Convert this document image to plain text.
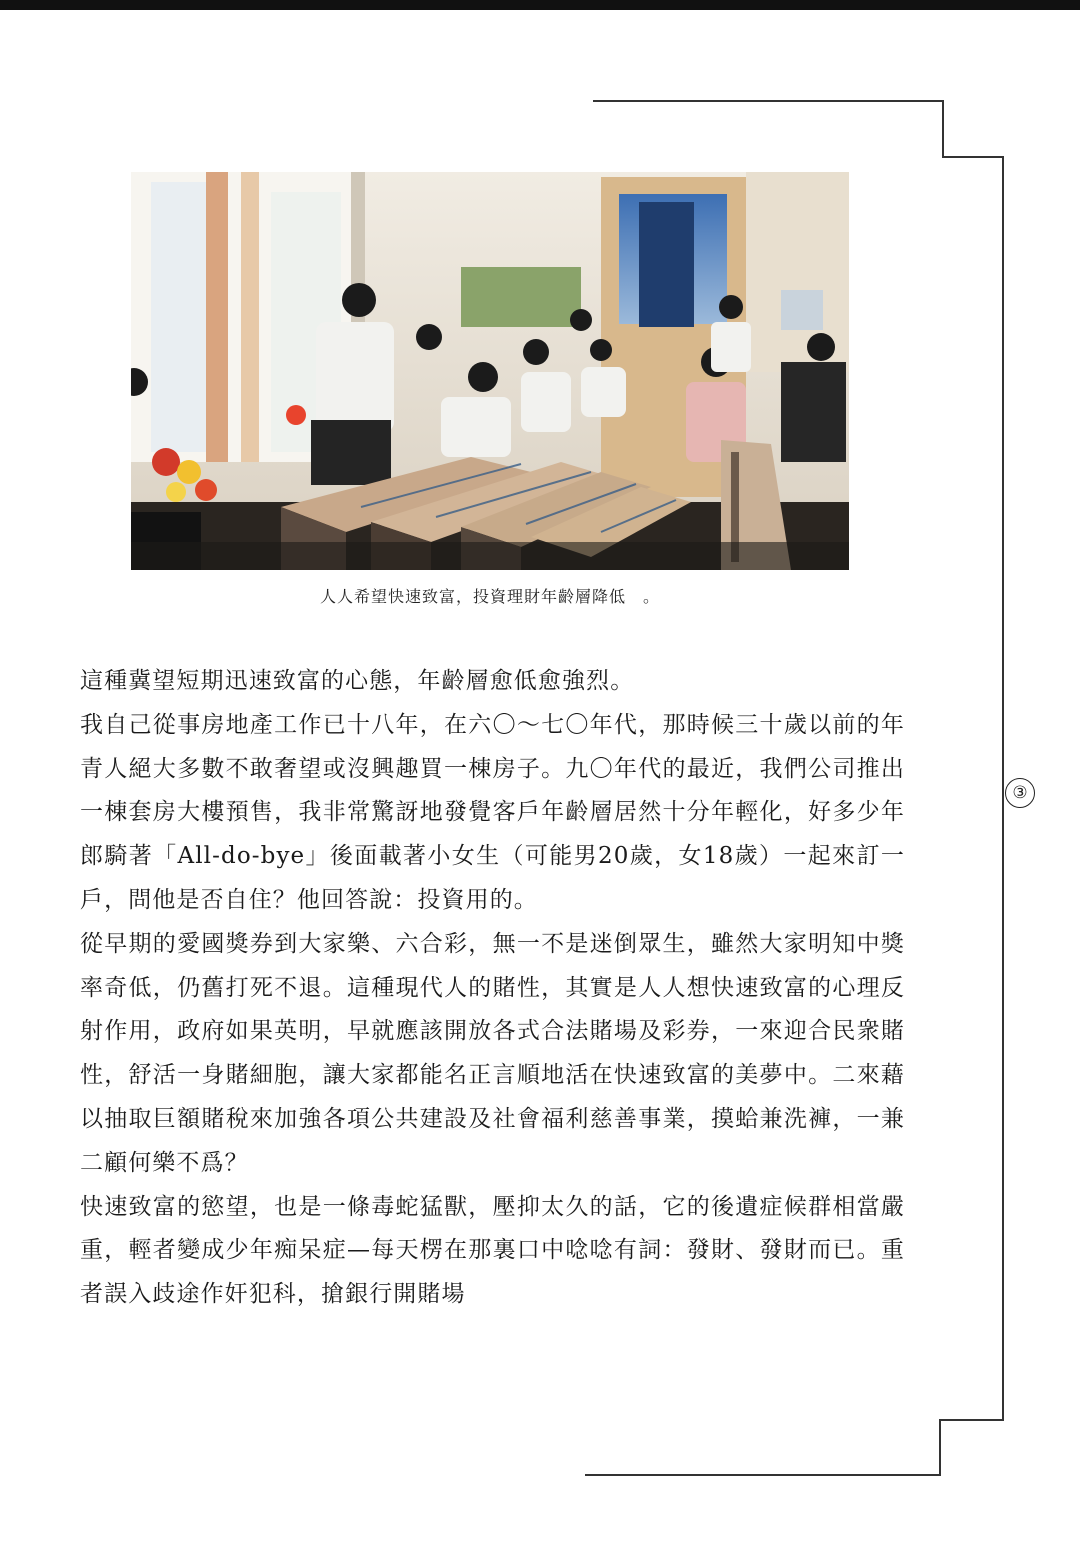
人人希望快速致富，投資理財年齡層降低　。

這種冀望短期迅速致富的心態，年齡層愈低愈強烈。

我自己從事房地產工作已十八年，在六〇～七〇年代，那時候三十歲以前的年青人絕大多數不敢奢望或沒興趣買一棟房子。九〇年代的最近，我們公司推出一棟套房大樓預售，我非常驚訝地發覺客戶年齡層居然十分年輕化，好多少年郎騎著「All-do-bye」後面載著小女生（可能男20歲，女18歲）一起來訂一戶，問他是否自住？他回答說：投資用的。

從早期的愛國獎券到大家樂、六合彩，無一不是迷倒眾生，雖然大家明知中獎率奇低，仍舊打死不退。這種現代人的賭性，其實是人人想快速致富的心理反射作用，政府如果英明，早就應該開放各式合法賭場及彩券，一來迎合民衆賭性，舒活一身賭細胞，讓大家都能名正言順地活在快速致富的美夢中。二來藉以抽取巨額賭稅來加強各項公共建設及社會福利慈善事業，摸蛤兼洗褲，一兼二顧何樂不爲？

快速致富的慾望，也是一條毒蛇猛獸，壓抑太久的話，它的後遺症候群相當嚴重，輕者變成少年痴呆症—每天楞在那裏口中唸唸有詞：發財、發財而已。重者誤入歧途作奸犯科，搶銀行開賭場

③
